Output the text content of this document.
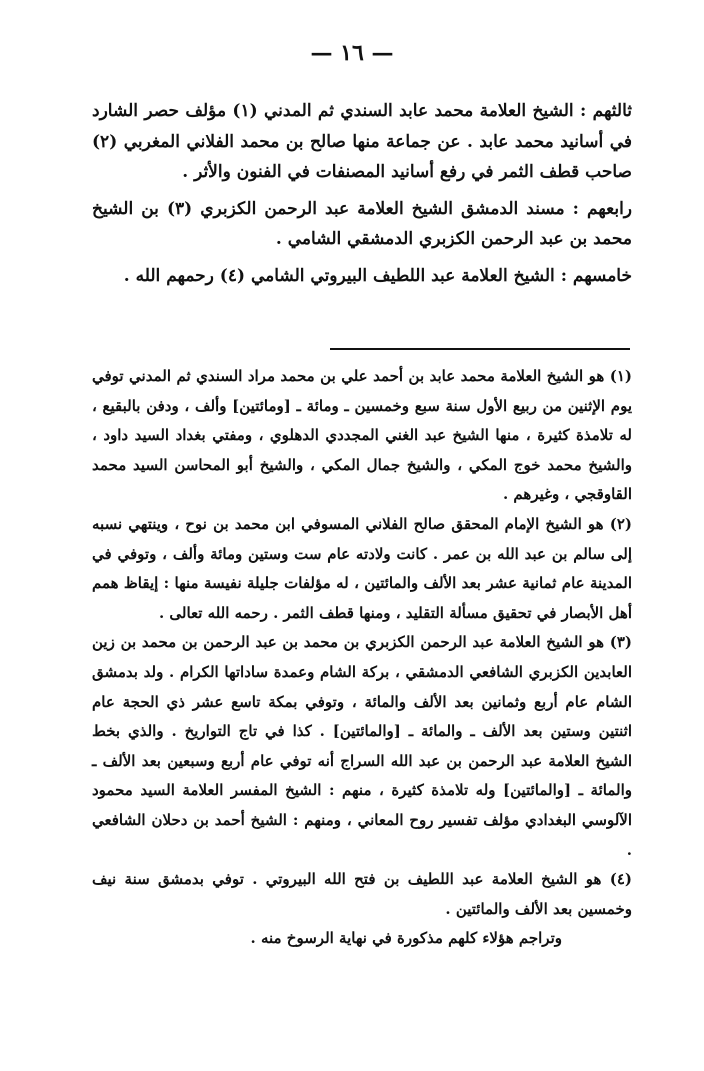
— ١٦ —

ثالثهم : الشيخ العلامة محمد عابد السندي ثم المدني (١) مؤلف حصر الشارد في أسانيد محمد عابد . عن جماعة منها صالح بن محمد الفلاني المغربي (٢) صاحب قطف الثمر في رفع أسانيد المصنفات في الفنون والأثر .

رابعهم : مسند الدمشق الشيخ العلامة عبد الرحمن الكزبري (٣) بن الشيخ محمد بن عبد الرحمن الكزبري الدمشقي الشامي .

خامسهم : الشيخ العلامة عبد اللطيف البيروتي الشامي (٤) رحمهم الله .

(١) هو الشيخ العلامة محمد عابد بن أحمد علي بن محمد مراد السندي ثم المدني توفي يوم الإثنين من ربيع الأول سنة سبع وخمسين ـ ومائة ـ [ومائتين] وألف ، ودفن بالبقيع ، له تلامذة كثيرة ، منها الشيخ عبد الغني المجددي الدهلوي ، ومفتي بغداد السيد داود ، والشيخ محمد خوج المكي ، والشيخ جمال المكي ، والشيخ أبو المحاسن السيد محمد القاوقجي ، وغيرهم .

(٢) هو الشيخ الإمام المحقق صالح الفلاني المسوفي ابن محمد بن نوح ، وينتهي نسبه إلى سالم بن عبد الله بن عمر . كانت ولادته عام ست وستين ومائة وألف ، وتوفي في المدينة عام ثمانية عشر بعد الألف والمائتين ، له مؤلفات جليلة نفيسة منها : إيقاظ همم أهل الأبصار في تحقيق مسألة التقليد ، ومنها قطف الثمر . رحمه الله تعالى .

(٣) هو الشيخ العلامة عبد الرحمن الكزبري بن محمد بن عبد الرحمن بن محمد بن زين العابدين الكزبري الشافعي الدمشقي ، بركة الشام وعمدة ساداتها الكرام . ولد بدمشق الشام عام أربع وثمانين بعد الألف والمائة ، وتوفي بمكة تاسع عشر ذي الحجة عام اثنتين وستين بعد الألف ـ والمائة ـ [والمائتين] . كذا في تاج التواريخ . والذي بخط الشيخ العلامة عبد الرحمن بن عبد الله السراج أنه توفي عام أربع وسبعين بعد الألف ـ والمائة ـ [والمائتين] وله تلامذة كثيرة ، منهم : الشيخ المفسر العلامة السيد محمود الآلوسي البغدادي مؤلف تفسير روح المعاني ، ومنهم : الشيخ أحمد بن دحلان الشافعي .

(٤) هو الشيخ العلامة عبد اللطيف بن فتح الله البيروتي . توفي بدمشق سنة نيف وخمسين بعد الألف والمائتين .

وتراجم هؤلاء كلهم مذكورة في نهاية الرسوخ منه .
